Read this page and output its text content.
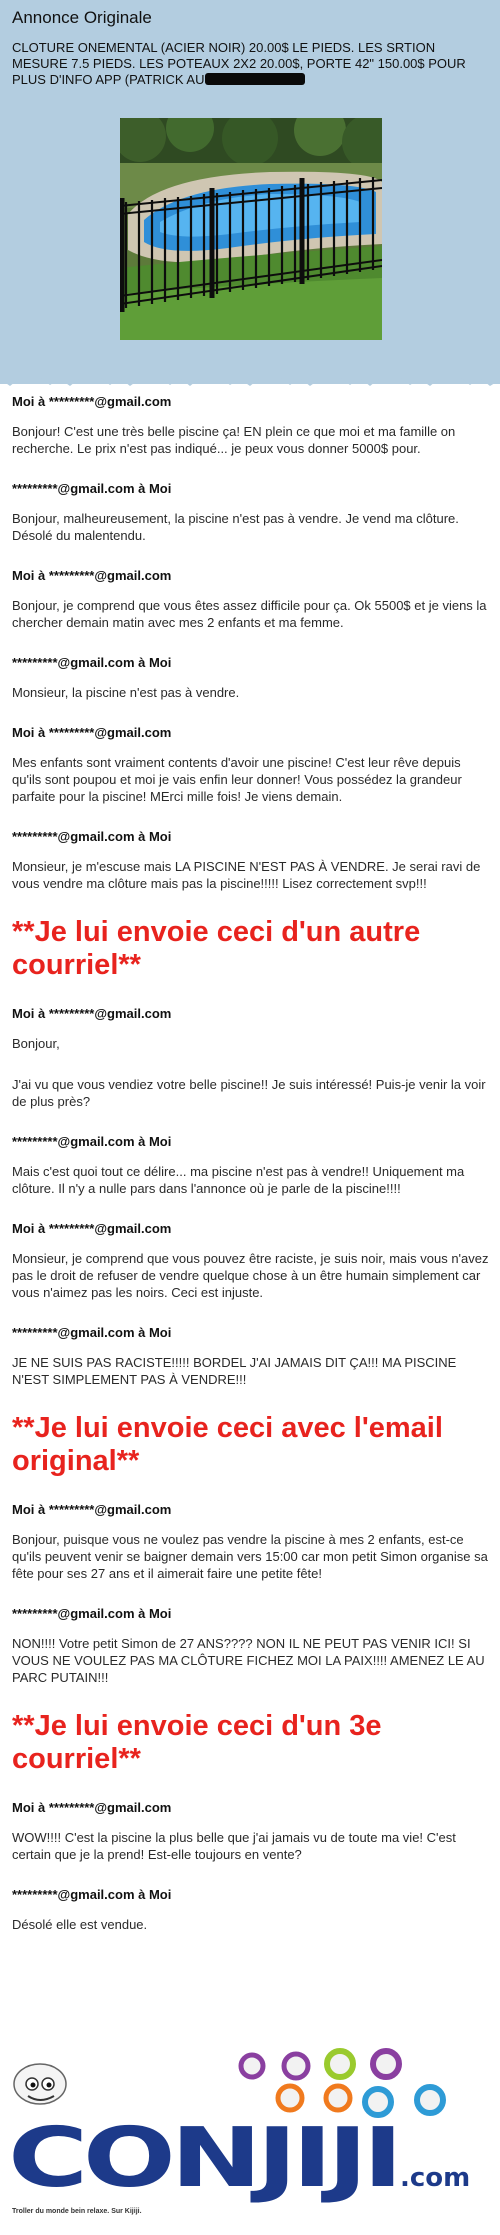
Annonce Originale
CLOTURE ONEMENTAL (ACIER NOIR) 20.00$ LE PIEDS. LES SRTION MESURE 7.5 PIEDS. LES POTEAUX 2X2 20.00$, PORTE 42" 150.00$ POUR PLUS D'INFO APP (PATRICK AU
Moi à *********@gmail.com
Bonjour! C'est une très belle piscine ça! EN plein ce que moi et ma famille on recherche. Le prix n'est pas indiqué... je peux vous donner 5000$ pour.
*********@gmail.com à Moi
Bonjour, malheureusement, la piscine n'est pas à vendre. Je vend ma clôture. Désolé du malentendu.
Moi à *********@gmail.com
Bonjour, je comprend que vous êtes assez difficile pour ça. Ok 5500$ et je viens la chercher demain matin avec mes 2 enfants et ma femme.
*********@gmail.com à Moi
Monsieur, la piscine n'est pas à vendre.
Moi à *********@gmail.com
Mes enfants sont vraiment contents d'avoir une piscine! C'est leur rêve depuis qu'ils sont poupou et moi je vais enfin leur donner! Vous possédez la grandeur parfaite pour la piscine! MErci mille fois! Je viens demain.
*********@gmail.com à Moi
Monsieur, je m'escuse mais LA PISCINE N'EST PAS À VENDRE. Je serai ravi de vous vendre ma clôture mais pas la piscine!!!!! Lisez correctement svp!!!
**Je lui envoie ceci d'un autre courriel**
Moi à *********@gmail.com
Bonjour,
J'ai vu que vous vendiez votre belle piscine!! Je suis intéressé! Puis-je venir la voir de plus près?
*********@gmail.com à Moi
Mais c'est quoi tout ce délire... ma piscine n'est pas à vendre!! Uniquement ma clôture. Il n'y a nulle pars dans l'annonce où je parle de la piscine!!!!
Moi à *********@gmail.com
Monsieur, je comprend que vous pouvez être raciste, je suis noir, mais vous n'avez pas le droit de refuser de vendre quelque chose à un être humain simplement car vous n'aimez pas les noirs. Ceci est injuste.
*********@gmail.com à Moi
JE NE SUIS PAS RACISTE!!!!! BORDEL J'AI JAMAIS DIT ÇA!!! MA PISCINE N'EST SIMPLEMENT PAS À VENDRE!!!
**Je lui envoie ceci avec l'email original**
Moi à *********@gmail.com
Bonjour, puisque vous ne voulez pas vendre la piscine à mes 2 enfants, est-ce qu'ils peuvent venir se baigner demain vers 15:00 car mon petit Simon organise sa fête pour ses 27 ans et il aimerait faire une petite fête!
*********@gmail.com à Moi
NON!!!! Votre petit Simon de 27 ANS???? NON IL NE PEUT PAS VENIR ICI! SI VOUS NE VOULEZ PAS MA CLÔTURE FICHEZ MOI LA PAIX!!!! AMENEZ LE AU PARC PUTAIN!!!
**Je lui envoie ceci d'un 3e courriel**
Moi à *********@gmail.com
WOW!!!! C'est la piscine la plus belle que j'ai jamais vu de toute ma vie! C'est certain que je la prend! Est-elle toujours en vente?
*********@gmail.com à Moi
Désolé elle est vendue.
CONJIJI .com
Troller du monde bein relaxe. Sur Kijiji.
